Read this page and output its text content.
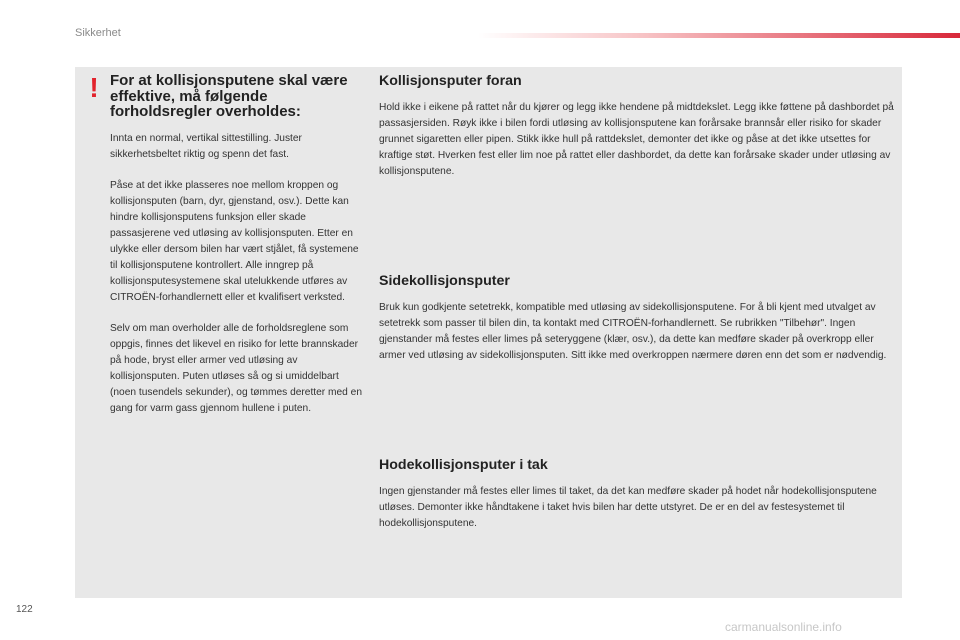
Sikkerhet
! For at kollisjonsputene skal være effektive, må følgende forholdsregler overholdes:

Innta en normal, vertikal sittestilling. Juster sikkerhetsbeltet riktig og spenn det fast.

Påse at det ikke plasseres noe mellom kroppen og kollisjonsputen (barn, dyr, gjenstand, osv.). Dette kan hindre kollisjonsputens funksjon eller skade passasjerene ved utløsing av kollisjonsputen. Etter en ulykke eller dersom bilen har vært stjålet, få systemene til kollisjonsputene kontrollert. Alle inngrep på kollisjonsputesystemene skal utelukkende utføres av CITROËN-forhandlernett eller et kvalifisert verksted.

Selv om man overholder alle de forholdsreglene som oppgis, finnes det likevel en risiko for lette brannskader på hode, bryst eller armer ved utløsing av kollisjonsputen. Puten utløses så og si umiddelbart (noen tusendels sekunder), og tømmes deretter med en gang for varm gass gjennom hullene i puten.

Kollisjonsputer foran

Hold ikke i eikene på rattet når du kjører og legg ikke hendene på midtdekslet. Legg ikke føttene på dashbordet på passasjersiden. Røyk ikke i bilen fordi utløsing av kollisjonsputene kan forårsake brannsår eller risiko for skader grunnet sigaretten eller pipen. Stikk ikke hull på rattdekslet, demonter det ikke og påse at det ikke utsettes for kraftige støt. Hverken fest eller lim noe på rattet eller dashbordet, da dette kan forårsake skader under utløsing av kollisjonsputene.

Sidekollisjonsputer

Bruk kun godkjente setetrekk, kompatible med utløsing av sidekollisjonsputene. For å bli kjent med utvalget av setetrekk som passer til bilen din, ta kontakt med CITROËN-forhandlernett. Se rubrikken "Tilbehør". Ingen gjenstander må festes eller limes på seteryggene (klær, osv.), da dette kan medføre skader på overkropp eller armer ved utløsing av sidekollisjonsputen. Sitt ikke med overkroppen nærmere døren enn det som er nødvendig.

Hodekollisjonsputer i tak

Ingen gjenstander må festes eller limes til taket, da det kan medføre skader på hodet når hodekollisjonsputene utløses. Demonter ikke håndtakene i taket hvis bilen har dette utstyret. De er en del av festesystemet til hodekollisjonsputene.

122
carmanualsonline.info
